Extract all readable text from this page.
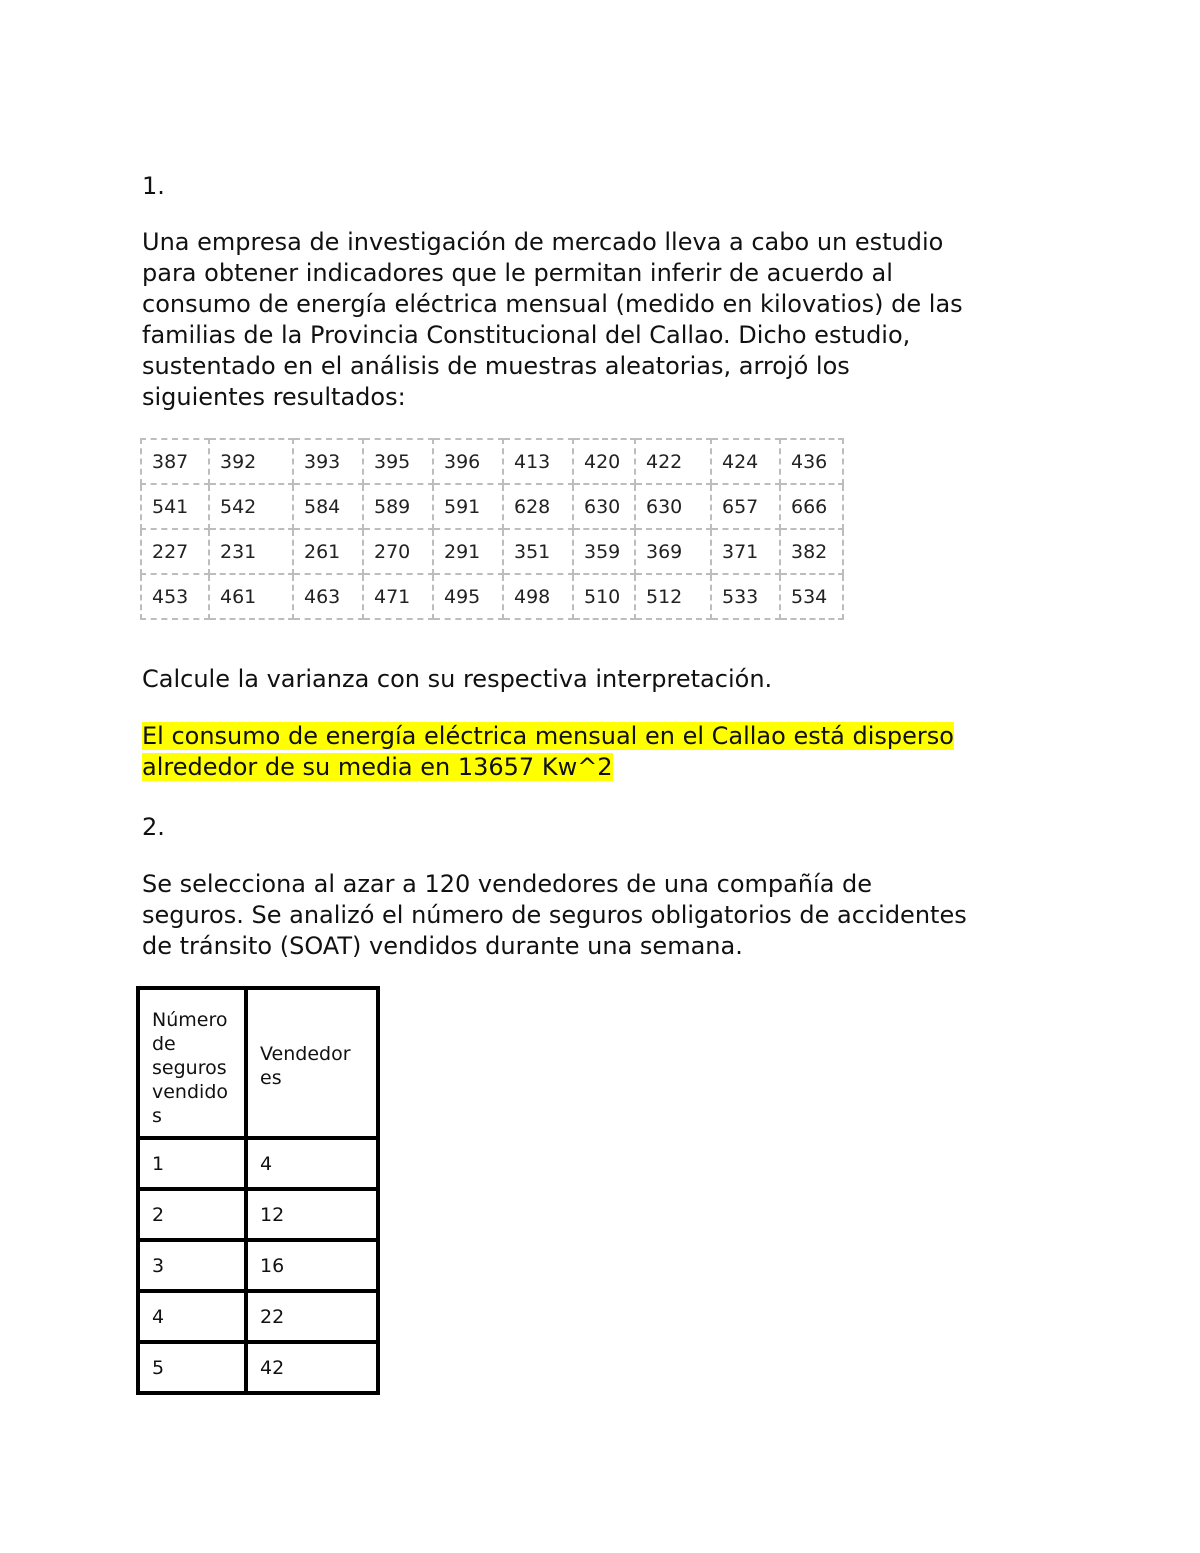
1.

Una empresa de investigación de mercado lleva a cabo un estudio

para obtener indicadores que le permitan inferir de acuerdo al

consumo de energía eléctrica mensual (medido en kilovatios) de las

familias de la Provincia Constitucional del Callao. Dicho estudio,

sustentado en el análisis de muestras aleatorias, arrojó los

siguientes resultados:

387	392	393	395	396	413	420	422	424	436
541	542	584	589	591	628	630	630	657	666
227	231	261	270	291	351	359	369	371	382
453	461	463	471	495	498	510	512	533	534

Calcule la varianza con su respectiva interpretación.

El consumo de energía eléctrica mensual en el Callao está disperso

alrededor de su media en 13657 Kw^2

2.

Se selecciona al azar a 120 vendedores de una compañía de

seguros. Se analizó el número de seguros obligatorios de accidentes

de tránsito (SOAT) vendidos durante una semana.

Número
de
seguros
vendido
s	Vendedor
es
1	4
2	12
3	16
4	22
5	42
